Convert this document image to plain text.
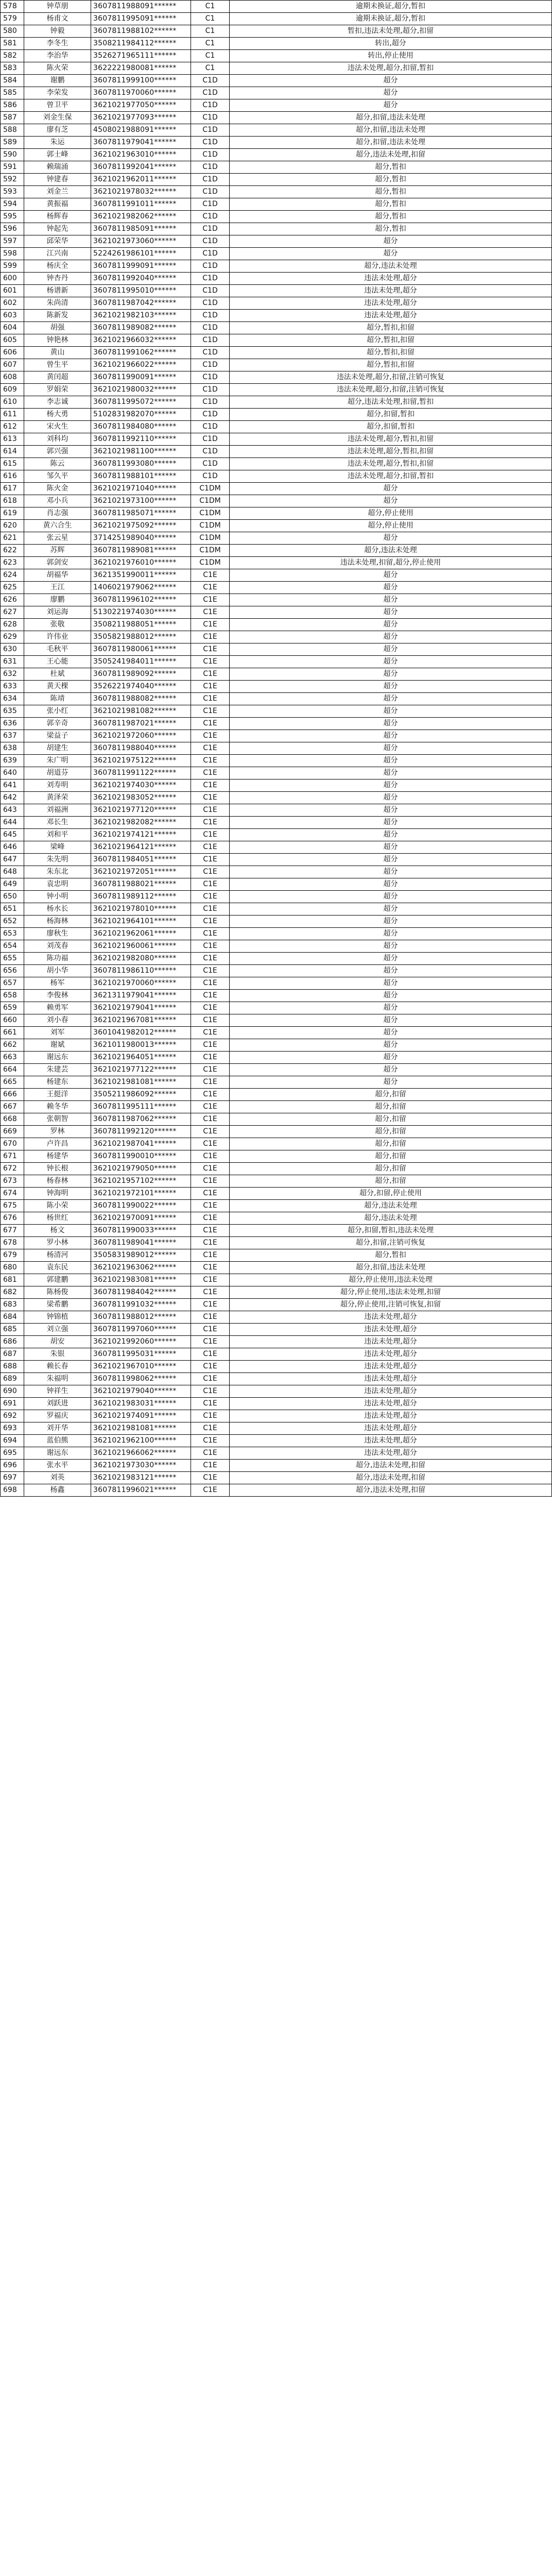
578	钟草朋	3607811988091******	C1	逾期未换证,超分,暂扣
579	杨甫文	3607811995091******	C1	逾期未换证,超分,暂扣
580	钟毅	3607811988102******	C1	暂扣,违法未处理,超分,扣留
581	李冬生	3508211984112******	C1	转出,超分
582	李治华	3526271965111******	C1	转出,停止使用
583	陈火荣	3622221980081******	C1	违法未处理,超分,扣留,暂扣
584	谢鹏	3607811999100******	C1D	超分
585	李荣发	3607811970060******	C1D	超分
586	曾卫平	3621021977050******	C1D	超分
587	刘金生保	3621021977093******	C1D	超分,扣留,违法未处理
588	廖有芝	4508021988091******	C1D	超分,扣留,违法未处理
589	朱运	3607811979041******	C1D	超分,扣留,违法未处理
590	郭士峰	3621021963010******	C1D	超分,违法未处理,扣留
591	赖瑞涌	3607811992041******	C1D	超分,暂扣
592	钟建春	3621021962011******	C1D	超分,暂扣
593	刘金兰	3621021978032******	C1D	超分,暂扣
594	黄振福	3607811991011******	C1D	超分,暂扣
595	杨辉春	3621021982062******	C1D	超分,暂扣
596	钟起先	3607811985091******	C1D	超分,暂扣
597	邱荣华	3621021973060******	C1D	超分
598	江兴南	5224261986101******	C1D	超分
599	杨庆全	3607811999091******	C1D	超分,违法未处理
600	钟杏丹	3607811992040******	C1D	违法未处理,超分
601	杨谱新	3607811995010******	C1D	违法未处理,超分
602	朱尚清	3607811987042******	C1D	违法未处理,超分
603	陈新发	3621021982103******	C1D	违法未处理,超分
604	胡强	3607811989082******	C1D	超分,暂扣,扣留
605	钟艳林	3621021966032******	C1D	超分,暂扣,扣留
606	黄山	3607811991062******	C1D	超分,暂扣,扣留
607	曾生平	3621021966022******	C1D	超分,暂扣,扣留
608	黄闰超	3607811990091******	C1D	违法未处理,超分,扣留,注销可恢复
609	罗娟荣	3621021980032******	C1D	违法未处理,超分,扣留,注销可恢复
610	李志诚	3607811995072******	C1D	超分,违法未处理,扣留,暂扣
611	杨大勇	5102831982070******	C1D	超分,扣留,暂扣
612	宋火生	3607811984080******	C1D	超分,扣留,暂扣
613	刘科均	3607811992110******	C1D	违法未处理,超分,暂扣,扣留
614	郭兴强	3621021981100******	C1D	违法未处理,超分,暂扣,扣留
615	陈云	3607811993080******	C1D	违法未处理,超分,暂扣,扣留
616	邹久平	3607811988101******	C1D	违法未处理,超分,扣留,暂扣
617	陈火金	3621021971040******	C1DM	超分
618	邓小兵	3621021973100******	C1DM	超分
619	肖志强	3607811985071******	C1DM	超分,停止使用
620	黄六合生	3621021975092******	C1DM	超分,停止使用
621	张云星	3714251989040******	C1DM	超分
622	苏辉	3607811989081******	C1DM	超分,违法未处理
623	郭剑安	3621021976010******	C1DM	违法未处理,扣留,超分,停止使用
624	胡福华	3621351990011******	C1E	超分
625	王江	1406021979062******	C1E	超分
626	廖鹏	3607811996102******	C1E	超分
627	刘运海	5130221974030******	C1E	超分
628	张敬	3508211988051******	C1E	超分
629	许伟业	3505821988012******	C1E	超分
630	毛秋平	3607811980061******	C1E	超分
631	王心能	3505241984011******	C1E	超分
632	杜斌	3607811989092******	C1E	超分
633	黄天棵	3526221974040******	C1E	超分
634	陈靖	3607811988082******	C1E	超分
635	张小红	3621021981082******	C1E	超分
636	郭辛奇	3607811987021******	C1E	超分
637	梁益子	3621021972060******	C1E	超分
638	胡建生	3607811988040******	C1E	超分
639	朱广明	3621021975122******	C1E	超分
640	胡道芬	3607811991122******	C1E	超分
641	刘寿明	3621021974030******	C1E	超分
642	黄泽荣	3621021983052******	C1E	超分
643	刘福洲	3621021977120******	C1E	超分
644	邓长生	3621021982082******	C1E	超分
645	刘和平	3621021974121******	C1E	超分
646	梁峰	3621021964121******	C1E	超分
647	朱先明	3607811984051******	C1E	超分
648	朱东北	3621021972051******	C1E	超分
649	袁忠明	3607811988021******	C1E	超分
650	钟小明	3607811989112******	C1E	超分
651	杨水长	3621021978010******	C1E	超分
652	杨海林	3621021964101******	C1E	超分
653	廖秋生	3621021962061******	C1E	超分
654	刘茂春	3621021960061******	C1E	超分
655	陈功福	3621021982080******	C1E	超分
656	胡小华	3607811986110******	C1E	超分
657	杨军	3621021970060******	C1E	超分
658	李俊林	3621311979041******	C1E	超分
659	赖勇军	3621021979041******	C1E	超分
660	刘小春	3621021967081******	C1E	超分
661	刘军	3601041982012******	C1E	超分
662	谢斌	3621011980013******	C1E	超分
663	谢远东	3621021964051******	C1E	超分
664	朱建芸	3621021977122******	C1E	超分
665	杨建东	3621021981081******	C1E	超分
666	王挺洋	3505211986092******	C1E	超分,扣留
667	赖冬华	3607811995111******	C1E	超分,扣留
668	张朝智	3607811987062******	C1E	超分,扣留
669	罗林	3607811992120******	C1E	超分,扣留
670	卢许昌	3621021987041******	C1E	超分,扣留
671	杨建华	3607811990010******	C1E	超分,扣留
672	钟长根	3621021979050******	C1E	超分,扣留
673	杨春林	3621021957102******	C1E	超分,扣留
674	钟海明	3621021972101******	C1E	超分,扣留,停止使用
675	陈小荣	3607811990022******	C1E	超分,违法未处理
676	杨世红	3621021970091******	C1E	超分,违法未处理
677	杨文	3607811990033******	C1E	超分,扣留,暂扣,违法未处理
678	罗小林	3607811989041******	C1E	超分,扣留,注销可恢复
679	杨清河	3505831989012******	C1E	超分,暂扣
680	袁东民	3621021963062******	C1E	超分,扣留,违法未处理
681	郭建鹏	3621021983081******	C1E	超分,停止使用,违法未处理
682	陈杨俊	3607811984042******	C1E	超分,停止使用,违法未处理,扣留
683	梁希鹏	3607811991032******	C1E	超分,停止使用,注销可恢复,扣留
684	钟锦植	3607811988012******	C1E	违法未处理,超分
685	刘立强	3607811997060******	C1E	违法未处理,超分
686	胡安	3621021992060******	C1E	违法未处理,超分
687	朱银	3607811995031******	C1E	违法未处理,超分
688	赖长春	3621021967010******	C1E	违法未处理,超分
689	朱福明	3607811998062******	C1E	违法未处理,超分
690	钟祥生	3621021979040******	C1E	违法未处理,超分
691	刘跃进	3621021983031******	C1E	违法未处理,超分
692	罗福庆	3621021974091******	C1E	违法未处理,超分
693	刘开华	3621021981081******	C1E	违法未处理,超分
694	蓝伯熊	3621021962100******	C1E	违法未处理,超分
695	谢远东	3621021966062******	C1E	违法未处理,超分
696	张水平	3621021973030******	C1E	超分,违法未处理,扣留
697	刘英	3621021983121******	C1E	超分,违法未处理,扣留
698	杨鑫	3607811996021******	C1E	超分,违法未处理,扣留
